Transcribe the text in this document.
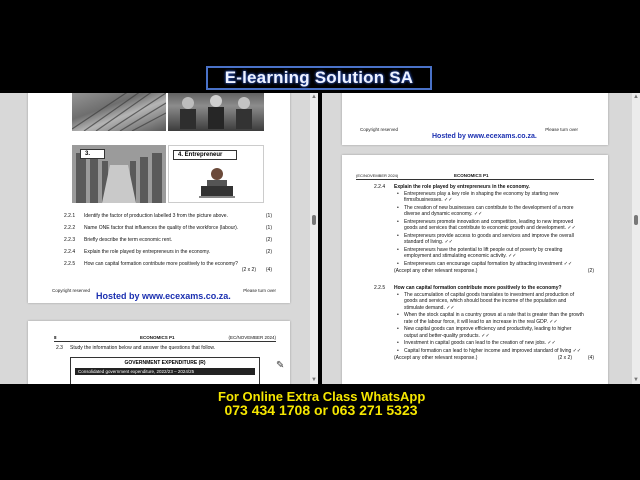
E-learning Solution SA
3.	4. Entrepreneur
2.2.1 Identify the factor of production labelled 3 from the picture above.	(1)
2.2.2 Name ONE factor that influences the quality of the workforce (labour).	(1)
2.2.3 Briefly describe the term economic rent.	(2)
2.2.4 Explain the role played by entrepreneurs in the economy.	(2)
2.2.5 How can capital formation contribute more positively to the economy?
(2 x 2) (4)
Copyright reserved	Please turn over
Hosted by www.ecexams.co.za.
8	ECONOMICS P1	(EC/NOVEMBER 2024)
2.3 Study the information below and answer the questions that follow.
GOVERNMENT EXPENDITURE (R)
Consolidated government expenditure, 2022/23 – 2024/25
✎
▲
▼
Copyright reserved	Please turn over
Hosted by www.ecexams.co.za.
(EC/NOVEMBER 2024)	ECONOMICS P1
2.2.4 Explain the role played by entrepreneurs in the economy.
• Entrepreneurs play a key role in shaping the economy by starting new firms/businesses. ✓✓
• The creation of new businesses can contribute to the development of a more diverse and dynamic economy. ✓✓
• Entrepreneurs promote innovation and competition, leading to new improved goods and services that contribute to economic growth and development. ✓✓
• Entrepreneurs provide access to goods and services and improve the overall standard of living. ✓✓
• Entrepreneurs have the potential to lift people out of poverty by creating employment and stimulating economic activity. ✓✓
• Entrepreneurs can encourage capital formation by attracting investment ✓✓
(Accept any other relevant response.)	(2)
2.2.5 How can capital formation contribute more positively to the economy?
• The accumulation of capital goods translates to investment and production of goods and services, which should boost the income of the population and stimulate demand. ✓✓
• When the stock capital in a country grows at a rate that is greater than the growth rate of the labour force, it will lead to an increase in the real GDP. ✓✓
• New capital goods can improve efficiency and productivity, leading to higher output and better-quality products. ✓✓
• Investment in capital goods can lead to the creation of new jobs. ✓✓
• Capital formation can lead to higher income and improved standard of living ✓✓
(Accept any other relevant response.)	(2 x 2)	(4)
▲
▼
For Online Extra Class WhatsApp
073 434 1708 or 063 271 5323
